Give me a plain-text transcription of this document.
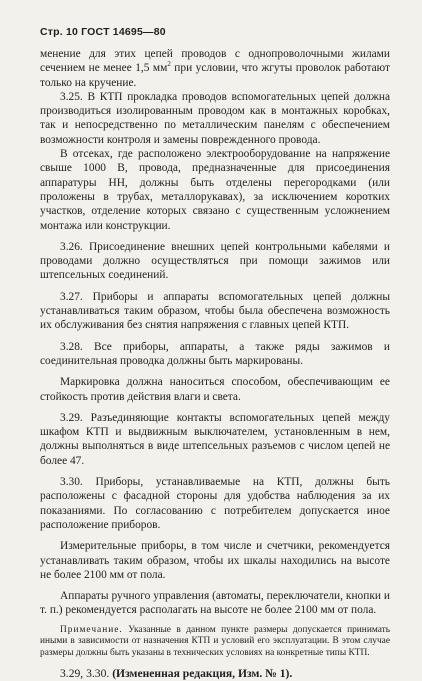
Стр. 10 ГОСТ 14695—80

менение для этих цепей проводов с однопроволочными жилами сечением не менее 1,5 $мм^2$ при условии, что жгуты проволок работают только на кручение.

3.25. В КТП прокладка проводов вспомогательных цепей должна производиться изолированным проводом как в монтажных коробках, так и непосредственно по металлическим панелям с обеспечением возможности контроля и замены поврежденного провода.

В отсеках, где расположено электрооборудование на напряжение свыше 1000 В, провода, предназначенные для присоединения аппаратуры НН, должны быть отделены перегородками (или проложены в трубах, металлорукавах), за исключением коротких участков, отделение которых связано с существенным усложнением монтажа или конструкции.

3.26. Присоединение внешних цепей контрольными кабелями и проводами должно осуществляться при помощи зажимов или штепсельных соединений.

3.27. Приборы и аппараты вспомогательных цепей должны устанавливаться таким образом, чтобы была обеспечена возможность их обслуживания без снятия напряжения с главных цепей КТП.

3.28. Все приборы, аппараты, а также ряды зажимов и соединительная проводка должны быть маркированы.

Маркировка должна наноситься способом, обеспечивающим ее стойкость против действия влаги и света.

3.29. Разъединяющие контакты вспомогательных цепей между шкафом КТП и выдвижным выключателем, установленным в нем, должны выполняться в виде штепсельных разъемов с числом цепей не более 47.

3.30. Приборы, устанавливаемые на КТП, должны быть расположены с фасадной стороны для удобства наблюдения за их показаниями. По согласованию с потребителем допускается иное расположение приборов.

Измерительные приборы, в том числе и счетчики, рекомендуется устанавливать таким образом, чтобы их шкалы находились на высоте не более 2100 мм от пола.

Аппараты ручного управления (автоматы, переключатели, кнопки и т. п.) рекомендуется располагать на высоте не более 2100 мм от пола.

Примечание. Указанные в данном пункте размеры допускается принимать иными в зависимости от назначения КТП и условий его эксплуатации. В этом случае размеры должны быть указаны в технических условиях на конкретные типы КТП.
3.29, 3.30. (Измененная редакция, Изм. № 1).
